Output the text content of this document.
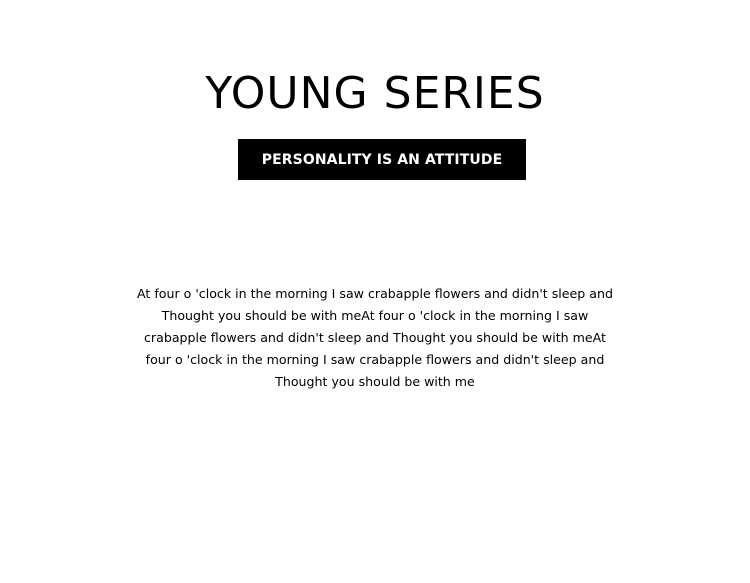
YOUNG SERIES
PERSONALITY IS AN ATTITUDE
At four o 'clock in the morning I saw crabapple flowers and didn't sleep and Thought you should be with meAt four o 'clock in the morning I saw crabapple flowers and didn't sleep and Thought you should be with meAt four o 'clock in the morning I saw crabapple flowers and didn't sleep and Thought you should be with me
